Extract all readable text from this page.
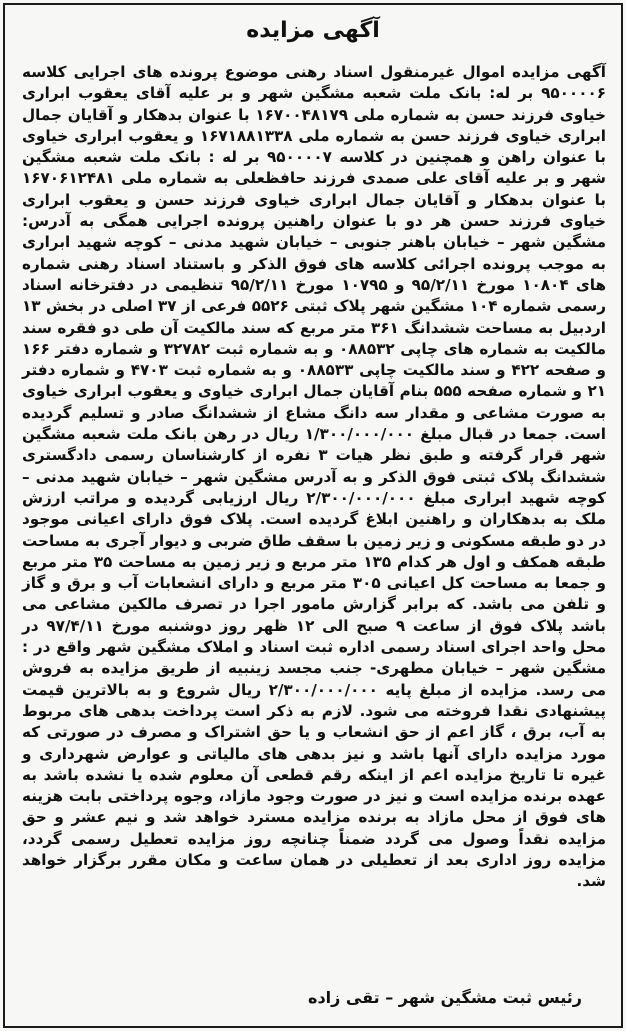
آگهی مزایده

آگهی مزایده اموال غیرمنقول اسناد رهنی موضوع پرونده های اجرایی کلاسه ۹۵۰۰۰۰۶ بر له: بانک ملت شعبه مشگین شهر و بر علیه آقای یعقوب ابراری خیاوی فرزند حسن به شماره ملی ۱۶۷۰۰۴۸۱۷۹ با عنوان بدهکار و آقایان جمال ابراری خیاوی فرزند حسن به شماره ملی ۱۶۷۱۸۸۱۳۳۸ و یعقوب ابراری خیاوی با عنوان راهن و همچنین در کلاسه ۹۵۰۰۰۰۷ بر له : بانک ملت شعبه مشگین شهر و بر علیه آقای علی صمدی فرزند حافظعلی به شماره ملی ۱۶۷۰۶۱۲۴۸۱ با عنوان بدهکار و آقایان جمال ابراری خیاوی فرزند حسن و یعقوب ابراری خیاوی فرزند حسن هر دو با عنوان راهنین پرونده اجرایی همگی به آدرس: مشگین شهر – خیابان باهنر جنوبی – خیابان شهید مدنی – کوچه شهید ابراری به موجب پرونده اجرائی کلاسه های فوق الذکر و باستناد اسناد رهنی شماره های ۱۰۸۰۴ مورخ ۹۵/۲/۱۱ و ۱۰۷۹۵ مورخ ۹۵/۲/۱۱ تنظیمی در دفترخانه اسناد رسمی شماره ۱۰۴ مشگین شهر پلاک ثبتی ۵۵۲۶ فرعی از ۳۷ اصلی در بخش ۱۳ اردبیل به مساحت ششدانگ ۳۶۱ متر مربع که سند مالکیت آن طی دو فقره سند مالکیت به شماره های چاپی ۰۸۸۵۳۲ و به شماره ثبت ۳۲۷۸۲ و شماره دفتر ۱۶۶ و صفحه ۴۲۲ و سند مالکیت چاپی ۰۸۸۵۳۳ و به شماره ثبت ۴۷۰۳ و شماره دفتر ۲۱ و شماره صفحه ۵۵۵ بنام آقایان جمال ابراری خیاوی و یعقوب ابراری خیاوی به صورت مشاعی و مقدار سه دانگ مشاع از ششدانگ صادر و تسلیم گردیده است. جمعا در قبال مبلغ ۱/۳۰۰/۰۰۰/۰۰۰ ریال در رهن بانک ملت شعبه مشگین شهر قرار گرفته و طبق نظر هیات ۳ نفره از کارشناسان رسمی دادگستری ششدانگ پلاک ثبتی فوق الذکر و به آدرس مشگین شهر – خیابان شهید مدنی – کوچه شهید ابراری مبلغ ۲/۳۰۰/۰۰۰/۰۰۰ ریال ارزیابی گردیده و مراتب ارزش ملک به بدهکاران و راهنین ابلاغ گردیده است. پلاک فوق دارای اعیانی موجود در دو طبقه مسکونی و زیر زمین با سقف طاق ضربی و دیوار آجری به مساحت طبقه همکف و اول هر کدام ۱۳۵ متر مربع و زیر زمین به مساحت ۳۵ متر مربع و جمعا به مساحت کل اعیانی ۳۰۵ متر مربع و دارای انشعابات آب و برق و گاز و تلفن می باشد. که برابر گزارش مامور اجرا در تصرف مالکین مشاعی می باشد پلاک فوق از ساعت ۹ صبح الی ۱۲ ظهر روز دوشنبه مورخ ۹۷/۴/۱۱ در محل واحد اجرای اسناد رسمی اداره ثبت اسناد و املاک مشگین شهر واقع در : مشگین شهر – خیابان مطهری- جنب مجسد زینبیه از طریق مزایده به فروش می رسد. مزایده از مبلغ پایه ۲/۳۰۰/۰۰۰/۰۰۰ ریال شروع و به بالاترین قیمت پیشنهادی نقدا فروخته می شود. لازم به ذکر است پرداخت بدهی های مربوط به آب، برق ، گاز اعم از حق انشعاب و یا حق اشتراک و مصرف در صورتی که مورد مزایده دارای آنها باشد و نیز بدهی های مالیاتی و عوارض شهرداری و غیره تا تاریخ مزایده اعم از اینکه رقم قطعی آن معلوم شده یا نشده باشد به عهده برنده مزایده است و نیز در صورت وجود مازاد، وجوه پرداختی بابت هزینه های فوق از محل مازاد به برنده مزایده مسترد خواهد شد و نیم عشر و حق مزایده نقداً وصول می گردد ضمناً چنانچه روز مزایده تعطیل رسمی گردد، مزایده روز اداری بعد از تعطیلی در همان ساعت و مکان مقرر برگزار خواهد شد.

رئیس ثبت مشگین شهر – تقی زاده
